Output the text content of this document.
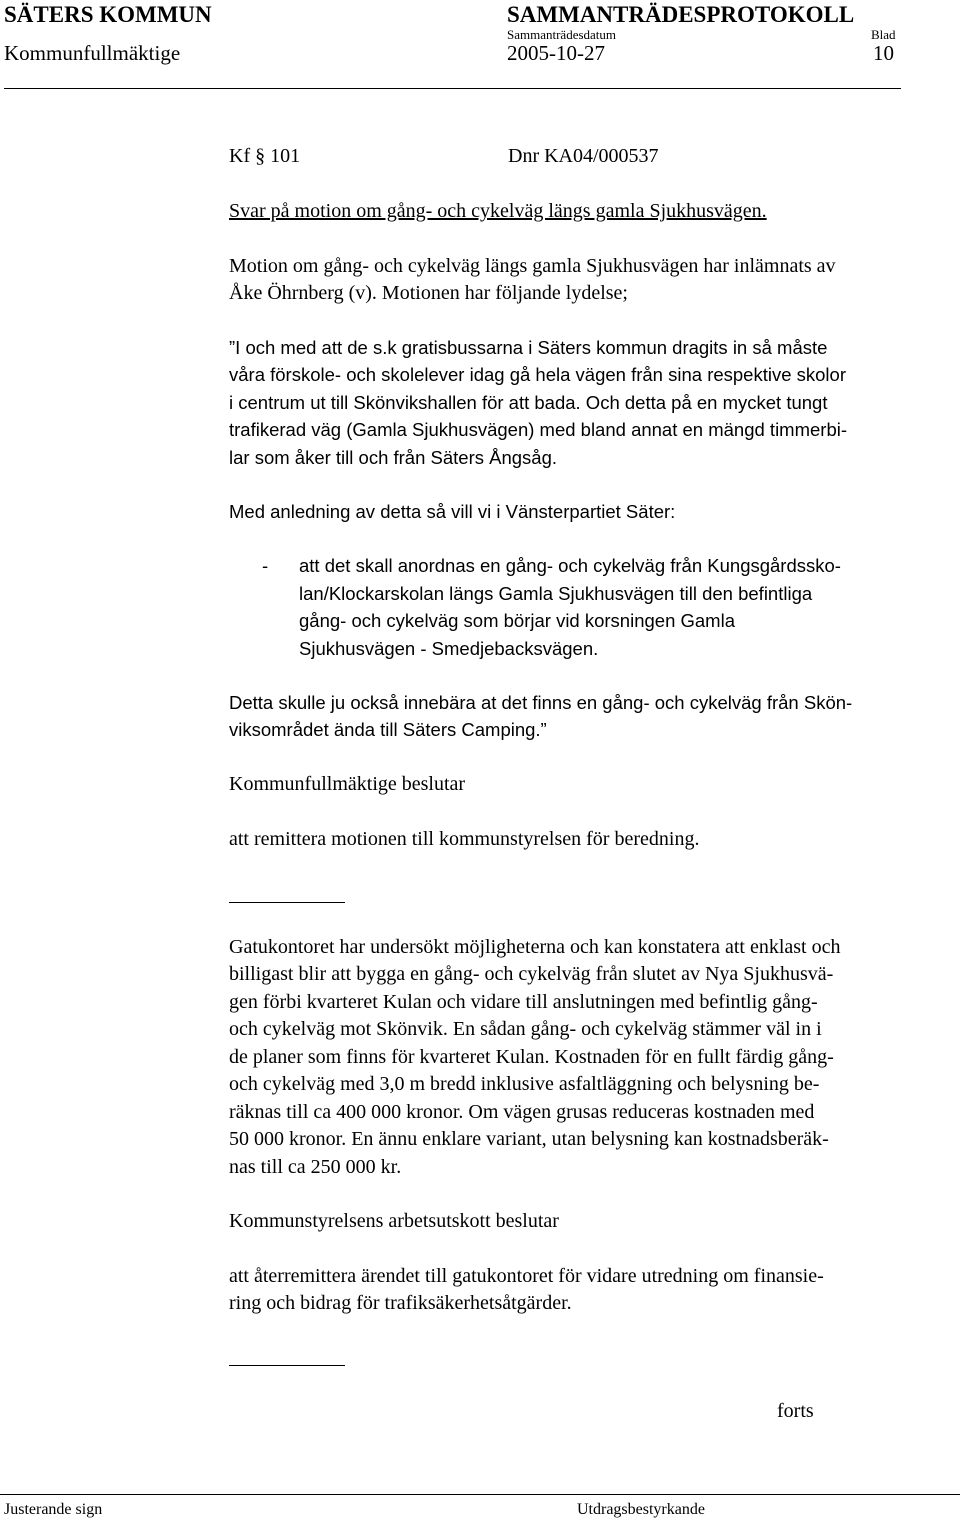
SÄTERS KOMMUN	SAMMANTRÄDESPROTOKOLL
Sammanträdesdatum	Blad
Kommunfullmäktige	2005-10-27	10
Kf § 101	Dnr KA04/000537
Svar på motion om gång- och cykelväg längs gamla Sjukhusvägen.
Motion om gång- och cykelväg längs gamla Sjukhusvägen har inlämnats av
Åke Öhrnberg (v). Motionen har följande lydelse;
”I och med att de s.k gratisbussarna i Säters kommun dragits in så måste
våra förskole- och skolelever idag gå hela vägen från sina respektive skolor
i centrum ut till Skönvikshallen för att bada. Och detta på en mycket tungt
trafikerad väg (Gamla Sjukhusvägen) med bland annat en mängd timmerbi-
lar som åker till och från Säters Ångsåg.
Med anledning av detta så vill vi i Vänsterpartiet Säter:
- att det skall anordnas en gång- och cykelväg från Kungsgårdssko-
lan/Klockarskolan längs Gamla Sjukhusvägen till den befintliga
gång- och cykelväg som börjar vid korsningen Gamla
Sjukhusvägen - Smedjebacksvägen.
Detta skulle ju också innebära at det finns en gång- och cykelväg från Skön-
viksområdet ända till Säters Camping.”
Kommunfullmäktige beslutar
att remittera motionen till kommunstyrelsen för beredning.
Gatukontoret har undersökt möjligheterna och kan konstatera att enklast och
billigast blir att bygga en gång- och cykelväg från slutet av Nya Sjukhusvä-
gen förbi kvarteret Kulan och vidare till anslutningen med befintlig gång-
och cykelväg mot Skönvik. En sådan gång- och cykelväg stämmer väl in i
de planer som finns för kvarteret Kulan. Kostnaden för en fullt färdig gång-
och cykelväg med 3,0 m bredd inklusive asfaltläggning och belysning be-
räknas till ca 400 000 kronor. Om vägen grusas reduceras kostnaden med
50 000 kronor. En ännu enklare variant, utan belysning kan kostnadsberäk-
nas till ca 250 000 kr.
Kommunstyrelsens arbetsutskott beslutar
att återremittera ärendet till gatukontoret för vidare utredning om finansie-
ring och bidrag för trafiksäkerhetsåtgärder.
forts
Justerande sign	Utdragsbestyrkande
